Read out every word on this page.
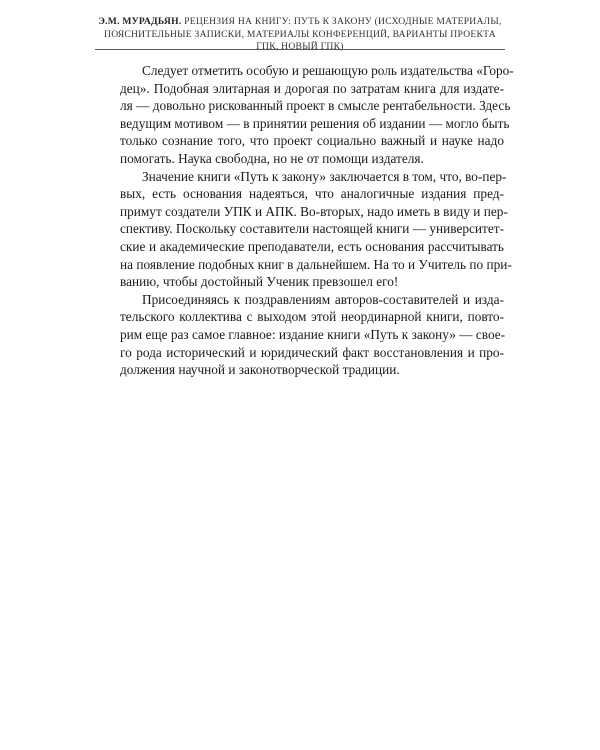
Э.М. МУРАДЬЯН. РЕЦЕНЗИЯ НА КНИГУ: ПУТЬ К ЗАКОНУ (ИСХОДНЫЕ МАТЕРИАЛЫ,
ПОЯСНИТЕЛЬНЫЕ ЗАПИСКИ, МАТЕРИАЛЫ КОНФЕРЕНЦИЙ, ВАРИАНТЫ ПРОЕКТА ГПК, НОВЫЙ ГПК)
Следует отметить особую и решающую роль издательства «Горо-
дец». Подобная элитарная и дорогая по затратам книга для издате-
ля — довольно рискованный проект в смысле рентабельности. Здесь
ведущим мотивом — в принятии решения об издании — могло быть
только сознание того, что проект социально важный и науке надо
помогать. Наука свободна, но не от помощи издателя.
Значение книги «Путь к закону» заключается в том, что, во-пер-
вых, есть основания надеяться, что аналогичные издания пред-
примут создатели УПК и АПК. Во-вторых, надо иметь в виду и пер-
спективу. Поскольку составители настоящей книги — университет-
ские и академические преподаватели, есть основания рассчитывать
на появление подобных книг в дальнейшем. На то и Учитель по при-
ванию, чтобы достойный Ученик превзошел его!
Присоединяясь к поздравлениям авторов-составителей и изда-
тельского коллектива с выходом этой неординарной книги, повто-
рим еще раз самое главное: издание книги «Путь к закону» — свое-
го рода исторический и юридический факт восстановления и про-
должения научной и законотворческой традиции.
